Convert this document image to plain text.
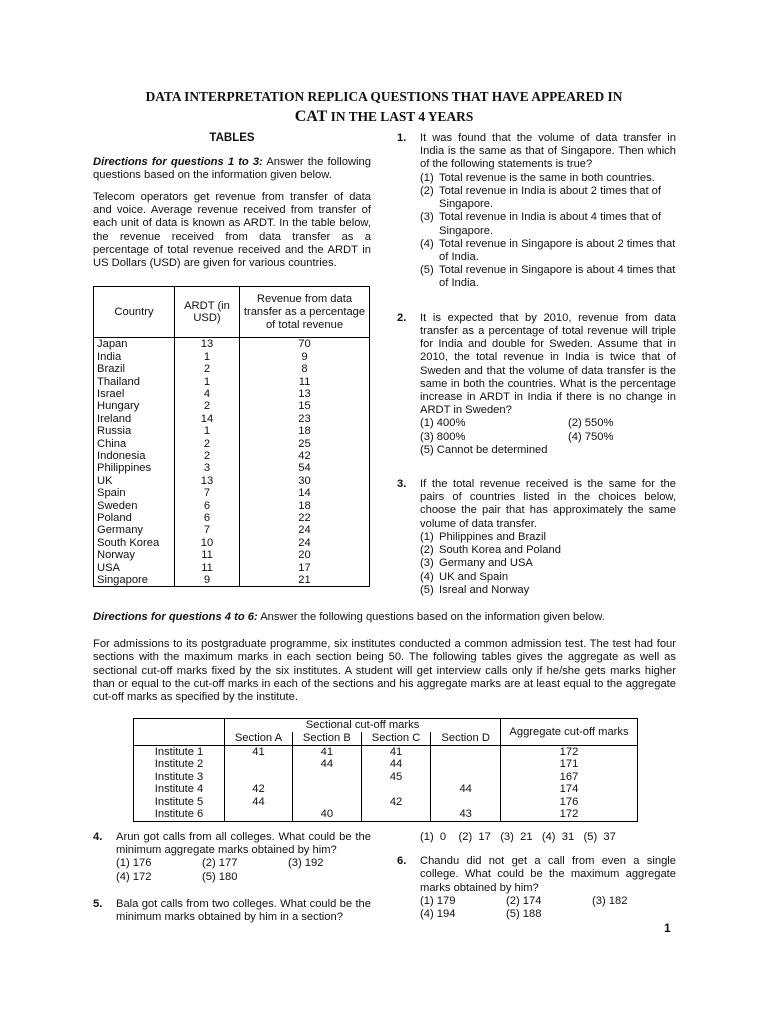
DATA INTERPRETATION REPLICA QUESTIONS THAT HAVE APPEARED IN
CAT IN THE LAST 4 YEARS
TABLES

Directions for questions 1 to 3: Answer the following questions based on the information given below.

Telecom operators get revenue from transfer of data and voice. Average revenue received from transfer of each unit of data is known as ARDT. In the table below, the revenue received from data transfer as a percentage of total revenue received and the ARDT in US Dollars (USD) are given for various countries.

Country	ARDT (in USD)	Revenue from data transfer as a percentage of total revenue
Japan	13	70
India	1	9
Brazil	2	8
Thailand	1	11
Israel	4	13
Hungary	2	15
Ireland	14	23
Russia	1	18
China	2	25
Indonesia	2	42
Philippines	3	54
UK	13	30
Spain	7	14
Sweden	6	18
Poland	6	22
Germany	7	24
South Korea	10	24
Norway	11	20
USA	11	17
Singapore	9	21
1. It was found that the volume of data transfer in India is the same as that of Singapore. Then which of the following statements is true?

(1) Total revenue is the same in both countries.
(2) Total revenue in India is about 2 times that of Singapore.
(3) Total revenue in India is about 4 times that of Singapore.
(4) Total revenue in Singapore is about 2 times that of India.
(5) Total revenue in Singapore is about 4 times that of India.
2. It is expected that by 2010, revenue from data transfer as a percentage of total revenue will triple for India and double for Sweden. Assume that in 2010, the total revenue in India is twice that of Sweden and that the volume of data transfer is the same in both the countries. What is the percentage increase in ARDT in India if there is no change in ARDT in Sweden?

(1) 400%	(2) 550%
(3) 800%	(4) 750%
(5) Cannot be determined
3. If the total revenue received is the same for the pairs of countries listed in the choices below, choose the pair that has approximately the same volume of data transfer.

(1) Philippines and Brazil
(2) South Korea and Poland
(3) Germany and USA
(4) UK and Spain
(5) Isreal and Norway

Directions for questions 4 to 6: Answer the following questions based on the information given below.

For admissions to its postgraduate programme, six institutes conducted a common admission test. The test had four sections with the maximum marks in each section being 50. The following tables gives the aggregate as well as sectional cut-off marks fixed by the six institutes. A student will get interview calls only if he/she gets marks higher than or equal to the cut-off marks in each of the sections and his aggregate marks are at least equal to the aggregate cut-off marks as specified by the institute.

	Sectional cut-off marks				Aggregate cut-off marks
	Section A	Section B	Section C	Section D	
Institute 1	41	41	41		172
Institute 2		44	44		171
Institute 3			45		167
Institute 4	42			44	174
Institute 5	44		42		176
Institute 6		40		43	172
4. Arun got calls from all colleges. What could be the minimum aggregate marks obtained by him?

(1) 176	(2) 177	(3) 192
(4) 172	(5) 180
5. Bala got calls from two colleges. What could be the minimum marks obtained by him in a section?

(1)  0    (2)  17   (3)  21   (4)  31   (5)  37
6. Chandu did not get a call from even a single college. What could be the maximum aggregate marks obtained by him?

(1) 179	(2) 174	(3) 182
(4) 194	(5) 188
1
